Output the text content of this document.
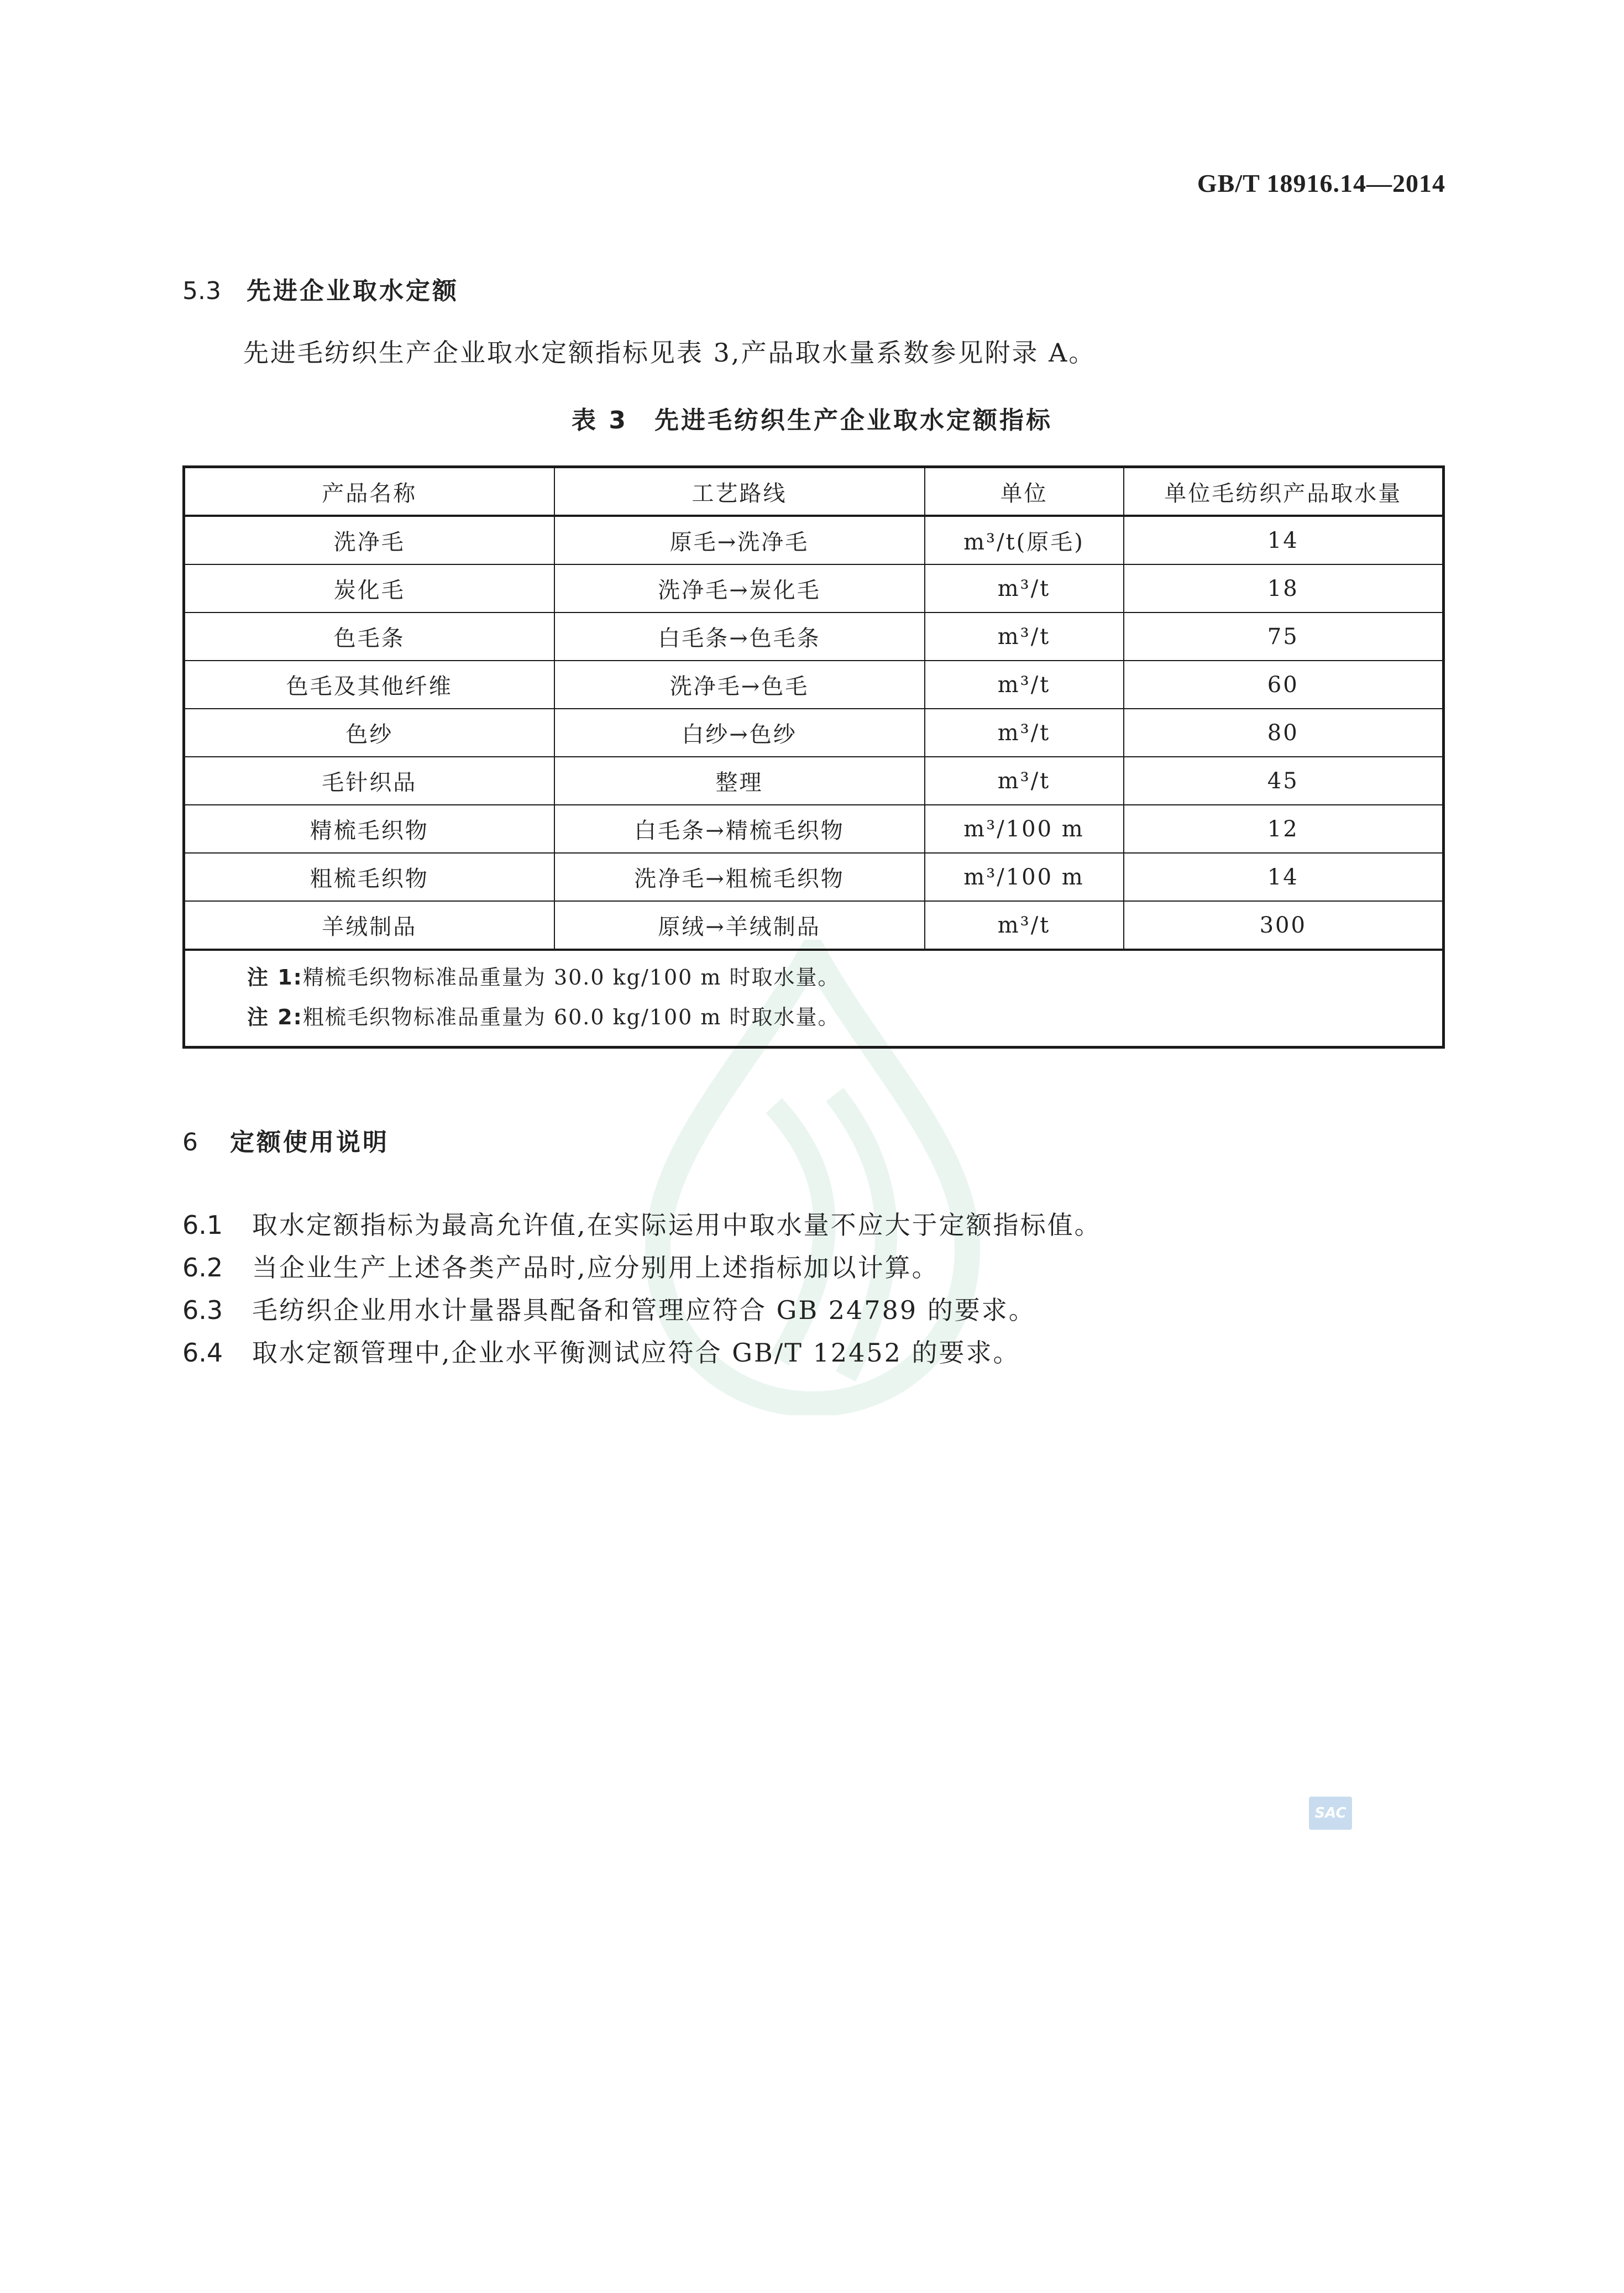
GB/T 18916.14—2014
5.3 先进企业取水定额
先进毛纺织生产企业取水定额指标见表 3,产品取水量系数参见附录 A。
表 3 先进毛纺织生产企业取水定额指标
产品名称	工艺路线	单位	单位毛纺织产品取水量
洗净毛	原毛→洗净毛	m³/t(原毛)	14
炭化毛	洗净毛→炭化毛	m³/t	18
色毛条	白毛条→色毛条	m³/t	75
色毛及其他纤维	洗净毛→色毛	m³/t	60
色纱	白纱→色纱	m³/t	80
毛针织品	整理	m³/t	45
精梳毛织物	白毛条→精梳毛织物	m³/100 m	12
粗梳毛织物	洗净毛→粗梳毛织物	m³/100 m	14
羊绒制品	原绒→羊绒制品	m³/t	300

注 1:精梳毛织物标准品重量为 30.0 kg/100 m 时取水量。
注 2:粗梳毛织物标准品重量为 60.0 kg/100 m 时取水量。			
6 定额使用说明
6.1 取水定额指标为最高允许值,在实际运用中取水量不应大于定额指标值。
6.2 当企业生产上述各类产品时,应分别用上述指标加以计算。
6.3 毛纺织企业用水计量器具配备和管理应符合 GB 24789 的要求。
6.4 取水定额管理中,企业水平衡测试应符合 GB/T 12452 的要求。
SAC
